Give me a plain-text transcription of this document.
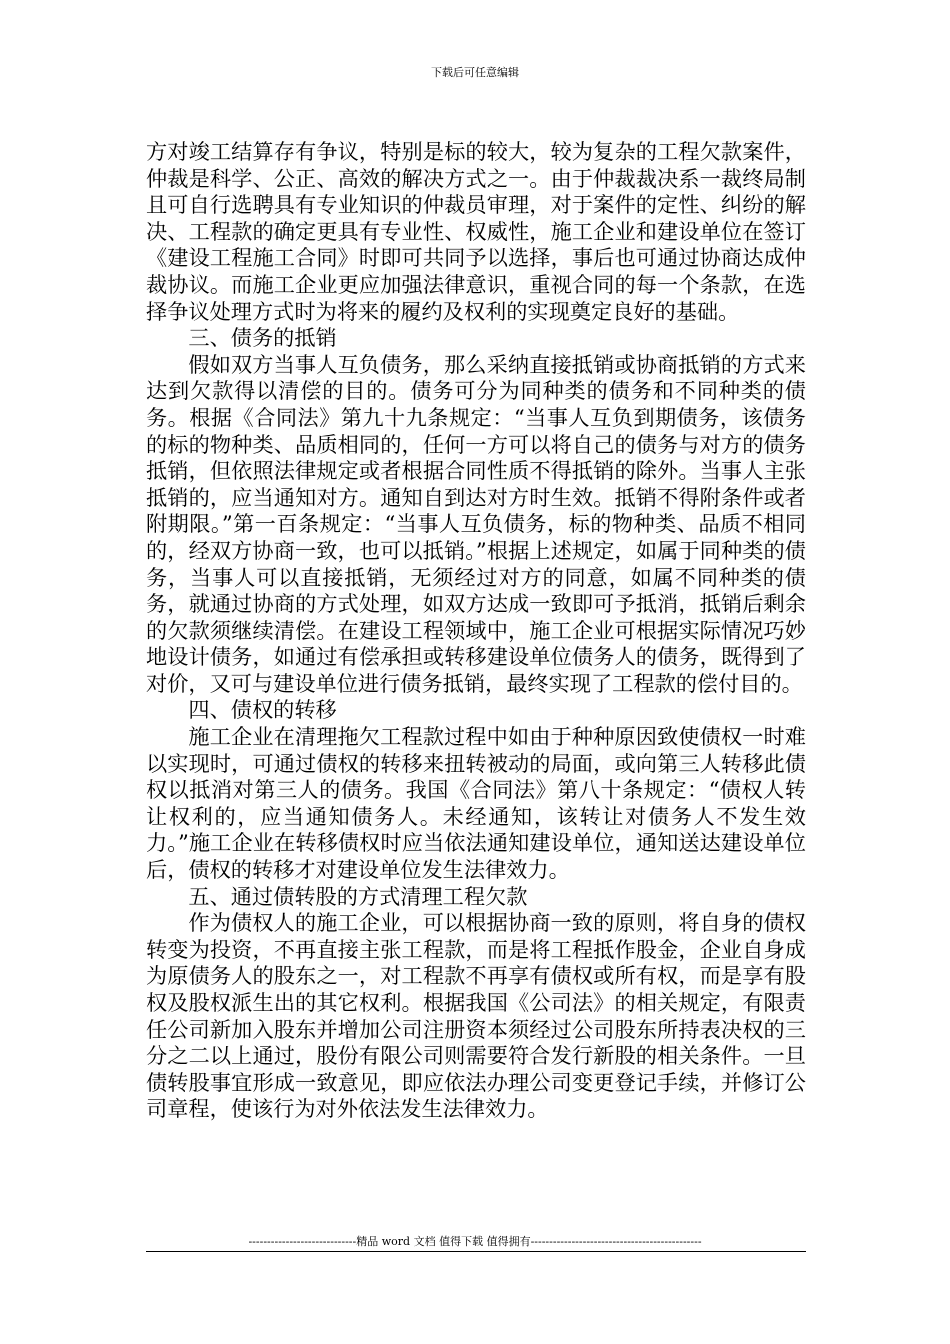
下载后可任意编辑

方对竣工结算存有争议，特别是标的较大，较为复杂的工程欠款案件，仲裁是科学、公正、高效的解决方式之一。由于仲裁裁决系一裁终局制且可自行选聘具有专业知识的仲裁员审理，对于案件的定性、纠纷的解决、工程款的确定更具有专业性、权威性，施工企业和建设单位在签订《建设工程施工合同》时即可共同予以选择，事后也可通过协商达成仲裁协议。而施工企业更应加强法律意识，重视合同的每一个条款，在选择争议处理方式时为将来的履约及权利的实现奠定良好的基础。

三、债务的抵销

假如双方当事人互负债务，那么采纳直接抵销或协商抵销的方式来达到欠款得以清偿的目的。债务可分为同种类的债务和不同种类的债务。根据《合同法》第九十九条规定：“当事人互负到期债务，该债务的标的物种类、品质相同的，任何一方可以将自己的债务与对方的债务抵销，但依照法律规定或者根据合同性质不得抵销的除外。当事人主张抵销的，应当通知对方。通知自到达对方时生效。抵销不得附条件或者附期限。”第一百条规定：“当事人互负债务，标的物种类、品质不相同的，经双方协商一致，也可以抵销。”根据上述规定，如属于同种类的债务，当事人可以直接抵销，无须经过对方的同意，如属不同种类的债务，就通过协商的方式处理，如双方达成一致即可予抵消，抵销后剩余的欠款须继续清偿。在建设工程领域中，施工企业可根据实际情况巧妙地设计债务，如通过有偿承担或转移建设单位债务人的债务，既得到了对价，又可与建设单位进行债务抵销，最终实现了工程款的偿付目的。

四、债权的转移

施工企业在清理拖欠工程款过程中如由于种种原因致使债权一时难以实现时，可通过债权的转移来扭转被动的局面，或向第三人转移此债权以抵消对第三人的债务。我国《合同法》第八十条规定：“债权人转让权利的，应当通知债务人。未经通知，该转让对债务人不发生效力。”施工企业在转移债权时应当依法通知建设单位，通知送达建设单位后，债权的转移才对建设单位发生法律效力。

五、通过债转股的方式清理工程欠款

作为债权人的施工企业，可以根据协商一致的原则，将自身的债权转变为投资，不再直接主张工程款，而是将工程抵作股金，企业自身成为原债务人的股东之一，对工程款不再享有债权或所有权，而是享有股权及股权派生出的其它权利。根据我国《公司法》的相关规定，有限责任公司新加入股东并增加公司注册资本须经过公司股东所持表决权的三分之二以上通过，股份有限公司则需要符合发行新股的相关条件。一旦债转股事宜形成一致意见，即应依法办理公司变更登记手续，并修订公司章程，使该行为对外依法发生法律效力。

-----------------------------精品 word 文档 值得下载 值得拥有----------------------------------------------
